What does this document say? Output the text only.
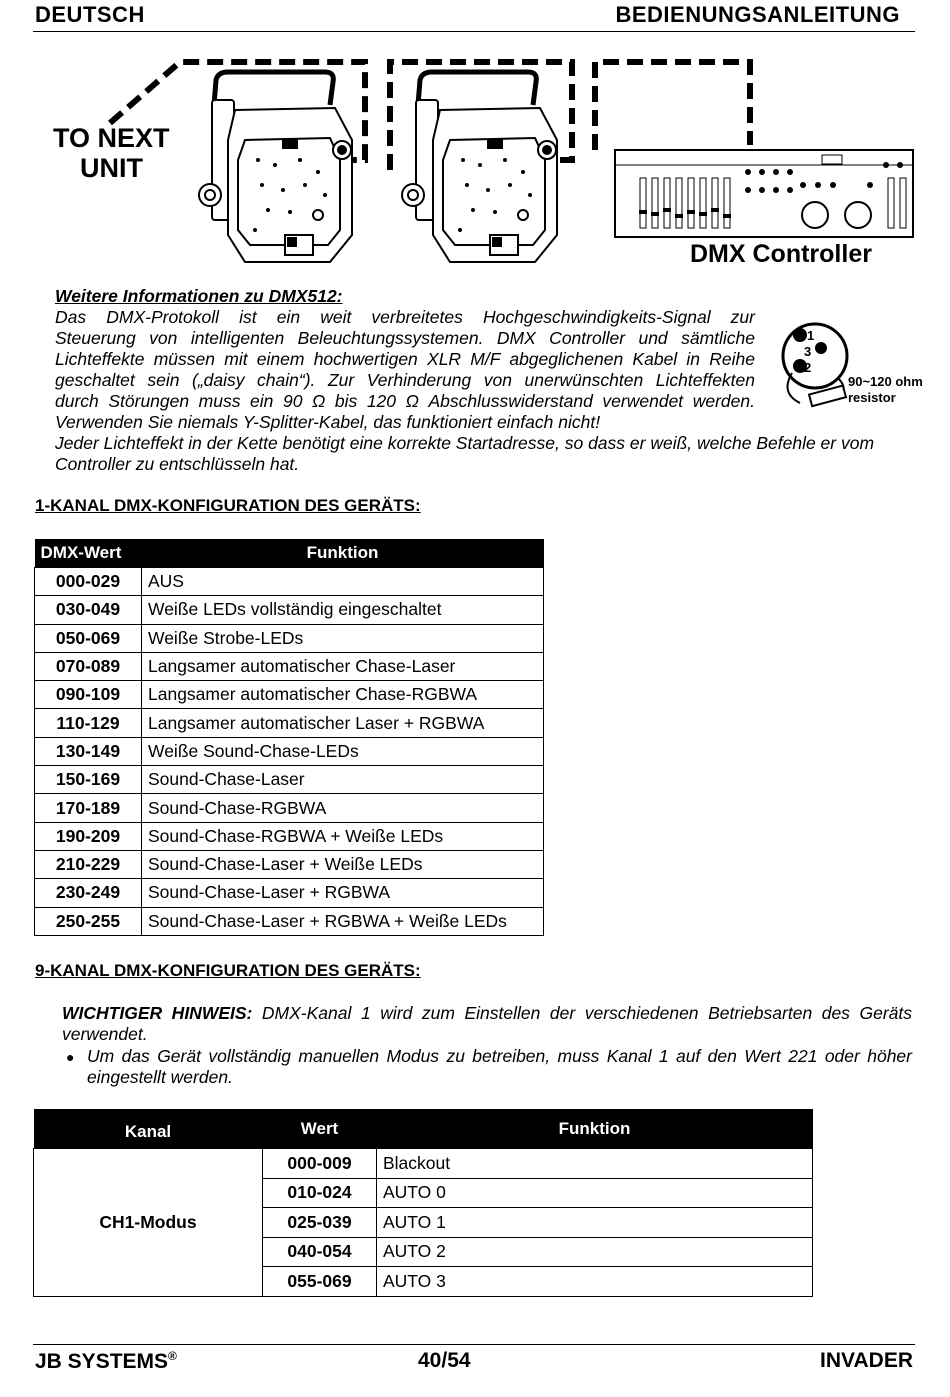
DEUTSCH	BEDIENUNGSANLEITUNG
TO NEXT
UNIT
DMX Controller
1
3
2
90~120 ohm
resistor
Weitere Informationen zu DMX512:
Das DMX-Protokoll ist ein weit verbreitetes Hochgeschwindigkeits-Signal zur
Steuerung von intelligenten Beleuchtungssystemen. DMX Controller und sämtliche
Lichteffekte müssen mit einem hochwertigen XLR M/F abgeglichenen Kabel in Reihe
geschaltet sein („daisy chain“). Zur Verhinderung von unerwünschten Lichteffekten
durch Störungen muss ein 90 Ω bis 120 Ω Abschlusswiderstand verwendet werden.
Verwenden Sie niemals Y-Splitter-Kabel, das funktioniert einfach nicht!
Jeder Lichteffekt in der Kette benötigt eine korrekte Startadresse, so dass er weiß, welche Befehle er vom
Controller zu entschlüsseln hat.
1-KANAL DMX-KONFIGURATION DES GERÄTS:
DMX-Wert	Funktion
000-029	AUS
030-049	Weiße LEDs vollständig eingeschaltet
050-069	Weiße Strobe-LEDs
070-089	Langsamer automatischer Chase-Laser
090-109	Langsamer automatischer Chase-RGBWA
110-129	Langsamer automatischer Laser + RGBWA
130-149	Weiße Sound-Chase-LEDs
150-169	Sound-Chase-Laser
170-189	Sound-Chase-RGBWA
190-209	Sound-Chase-RGBWA + Weiße LEDs
210-229	Sound-Chase-Laser + Weiße LEDs
230-249	Sound-Chase-Laser + RGBWA
250-255	Sound-Chase-Laser + RGBWA + Weiße LEDs
9-KANAL DMX-KONFIGURATION DES GERÄTS:
WICHTIGER HINWEIS: DMX-Kanal 1 wird zum Einstellen der verschiedenen Betriebsarten des Geräts verwendet.
● Um das Gerät vollständig manuellen Modus zu betreiben, muss Kanal 1 auf den Wert 221 oder höher eingestellt werden.
Kanal	Wert	Funktion
CH1-Modus	000-009	Blackout
	010-024	AUTO 0
	025-039	AUTO 1
	040-054	AUTO 2
	055-069	AUTO 3
JB SYSTEMS®	40/54	INVADER
